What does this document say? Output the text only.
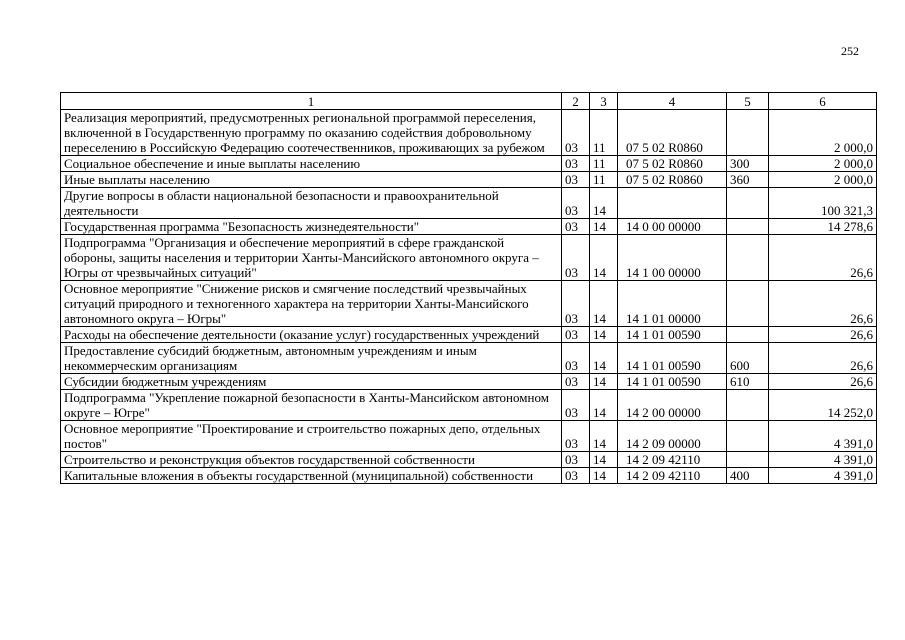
252
1	2	3	4	5	6
Реализация мероприятий, предусмотренных региональной программой переселения, включенной в Государственную программу по оказанию содействия добровольному переселению в Российскую Федерацию соотечественников, проживающих за рубежом	03	11	07 5 02 R0860		2 000,0
Социальное обеспечение и иные выплаты населению	03	11	07 5 02 R0860	300	2 000,0
Иные выплаты населению	03	11	07 5 02 R0860	360	2 000,0
Другие вопросы в области национальной безопасности и правоохранительной деятельности	03	14			100 321,3
Государственная программа "Безопасность жизнедеятельности"	03	14	14 0 00 00000		14 278,6
Подпрограмма "Организация и обеспечение мероприятий в сфере гражданской обороны, защиты населения и территории Ханты-Мансийского автономного округа – Югры от чрезвычайных ситуаций"	03	14	14 1 00 00000		26,6
Основное мероприятие "Снижение рисков и смягчение последствий чрезвычайных ситуаций природного и техногенного характера на территории Ханты-Мансийского автономного округа – Югры"	03	14	14 1 01 00000		26,6
Расходы на обеспечение деятельности (оказание услуг) государственных учреждений	03	14	14 1 01 00590		26,6
Предоставление субсидий бюджетным, автономным учреждениям и иным некоммерческим организациям	03	14	14 1 01 00590	600	26,6
Субсидии бюджетным учреждениям	03	14	14 1 01 00590	610	26,6
Подпрограмма "Укрепление пожарной безопасности в Ханты-Мансийском автономном округе – Югре"	03	14	14 2 00 00000		14 252,0
Основное мероприятие "Проектирование и строительство пожарных депо, отдельных постов"	03	14	14 2 09 00000		4 391,0
Строительство и реконструкция объектов государственной собственности	03	14	14 2 09 42110		4 391,0
Капитальные вложения в объекты государственной (муниципальной) собственности	03	14	14 2 09 42110	400	4 391,0
